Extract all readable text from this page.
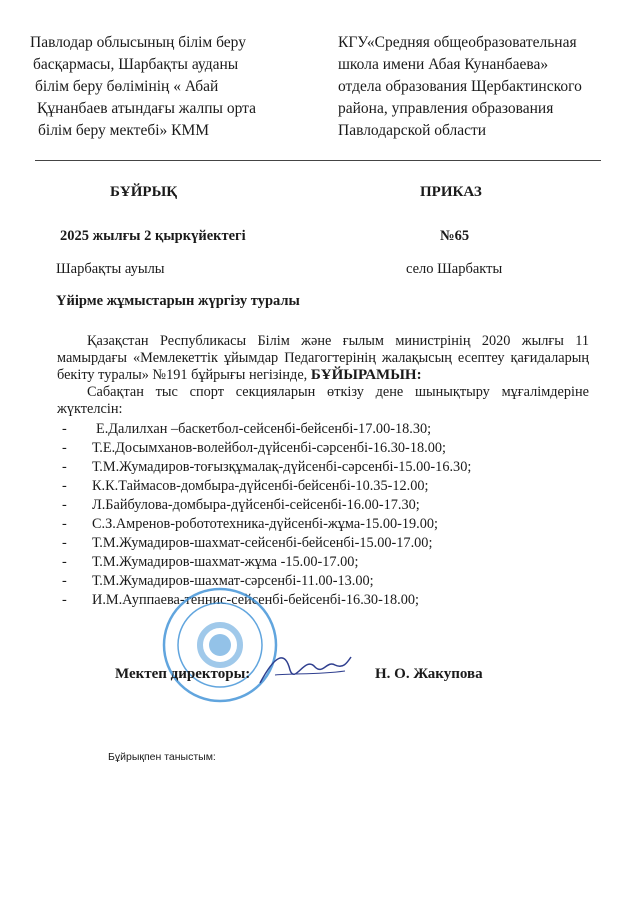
Павлодар облысының білім беру
басқармасы, Шарбақты ауданы
білім беру бөлімінің « Абай
Құнанбаев атындағы жалпы орта
білім беру мектебі» КММ
КГУ«Средняя общеобразовательная
школа имени Абая Кунанбаева»
отдела образования Щербактинского
района, управления образования
Павлодарской области
БҰЙРЫҚ	ПРИКАЗ
2025 жылғы 2 қыркүйектегі	№65
Шарбақты ауылы	село Шарбакты
Үйірме жұмыстарын жүргізу туралы

Қазақстан Республикасы Білім және ғылым министрінің 2020 жылғы 11 мамырдағы «Мемлекеттік ұйымдар Педагогтерінің жалақысың есептеу қағидаларың бекіту туралы» №191 бұйрығы негізінде, БҰЙЫРАМЫН:

Сабақтан тыс спорт секцияларын өткізу дене шынықтыру мұғалімдеріне жүктелсін:

- Е.Далилхан –баскетбол-сейсенбі-бейсенбі-17.00-18.30;
- Т.Е.Досымханов-волейбол-дүйсенбі-сәрсенбі-16.30-18.00;
- Т.М.Жумадиров-тоғызқұмалақ-дүйсенбі-сәрсенбі-15.00-16.30;
- К.К.Таймасов-домбыра-дүйсенбі-бейсенбі-10.35-12.00;
- Л.Байбулова-домбыра-дүйсенбі-сейсенбі-16.00-17.30;
- С.З.Амренов-робототехника-дүйсенбі-жұма-15.00-19.00;
- Т.М.Жумадиров-шахмат-сейсенбі-бейсенбі-15.00-17.00;
- Т.М.Жумадиров-шахмат-жұма -15.00-17.00;
- Т.М.Жумадиров-шахмат-сәрсенбі-11.00-13.00;
- И.М.Ауппаева-теннис-сейсенбі-бейсенбі-16.30-18.00;
Мектеп директоры:	Н. О. Жакупова
Бұйрықпен таныстым:
